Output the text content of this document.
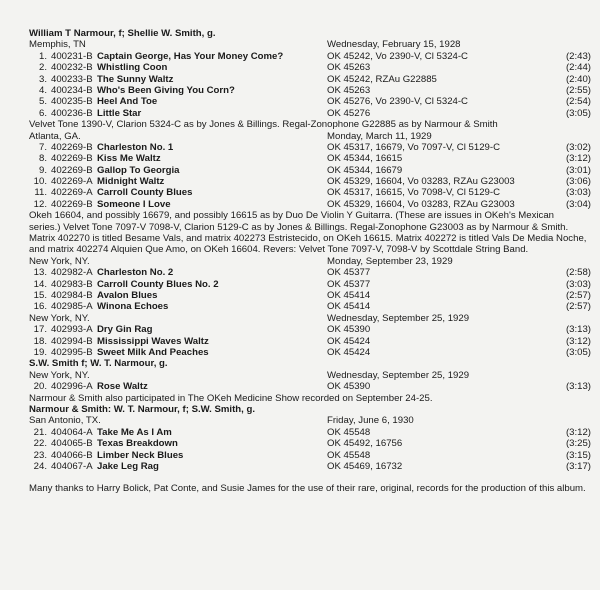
William T Narmour, f; Shellie W. Smith, g.
Memphis, TN	Wednesday, February 15, 1928
1. 400231-B Captain George, Has Your Money Come?	OK 45242, Vo 2390-V, Cl 5324-C	(2:43)
2. 400232-B Whistling Coon	OK 45263	(2:44)
3. 400233-B The Sunny Waltz	OK 45242, RZAu G22885	(2:40)
4. 400234-B Who's Been Giving You Corn?	OK 45263	(2:55)
5. 400235-B Heel And Toe	OK 45276, Vo 2390-V, Cl 5324-C	(2:54)
6. 400236-B Little Star	OK 45276	(3:05)
Velvet Tone 1390-V, Clarion 5324-C as by Jones & Billings. Regal-Zonophone G22885 as by Narmour & Smith
Atlanta, GA.	Monday, March 11, 1929
7. 402269-B Charleston No. 1	OK 45317, 16679, Vo 7097-V, Cl 5129-C	(3:02)
8. 402269-B Kiss Me Waltz	OK 45344, 16615	(3:12)
9. 402269-B Gallop To Georgia	OK 45344, 16679	(3:01)
10. 402269-A Midnight Waltz	OK 45329, 16604, Vo 03283, RZAu G23003	(3:06)
11. 402269-A Carroll County Blues	OK 45317, 16615, Vo 7098-V, Cl 5129-C	(3:03)
12. 402269-B Someone I Love	OK 45329, 16604, Vo 03283, RZAu G23003	(3:04)
Okeh 16604, and possibly 16679, and possibly 16615 as by Duo De Violin Y Guitarra. (These are issues in OKeh's Mexican series.) Velvet Tone 7097-V 7098-V, Clarion 5129-C as by Jones & Billings. Regal-Zonophone G23003 as by Narmour & Smith. Matrix 402270 is titled Besame Vals, and matrix 402273 Estristecido, on OKeh 16615. Matrix 402272 is titled Vals De Media Noche, and matrix 402274 Alquien Que Amo, on OKeh 16604. Revers: Velvet Tone 7097-V, 7098-V by Scottdale String Band.
New York, NY.	Monday, September 23, 1929
13. 402982-A Charleston No. 2	OK 45377	(2:58)
14. 402983-B Carroll County Blues No. 2	OK 45377	(3:03)
15. 402984-B Avalon Blues	OK 45414	(2:57)
16. 402985-A Winona Echoes	OK 45414	(2:57)
New York, NY.	Wednesday, September 25, 1929
17. 402993-A Dry Gin Rag	OK 45390	(3:13)
18. 402994-B Mississippi Waves Waltz	OK 45424	(3:12)
19. 402995-B Sweet Milk And Peaches	OK 45424	(3:05)
S.W. Smith f; W. T. Narmour, g.
New York, NY.	Wednesday, September 25, 1929
20. 402996-A Rose Waltz	OK 45390	(3:13)
Narmour & Smith also participated in The OKeh Medicine Show recorded on September 24-25.
Narmour & Smith: W. T. Narmour, f; S.W. Smith, g.
San Antonio, TX.	Friday, June 6, 1930
21. 404064-A Take Me As I Am	OK 45548	(3:12)
22. 404065-B Texas Breakdown	OK 45492, 16756	(3:25)
23. 404066-B Limber Neck Blues	OK 45548	(3:15)
24. 404067-A Jake Leg Rag	OK 45469, 16732	(3:17)
Many thanks to Harry Bolick, Pat Conte, and Susie James for the use of their rare, original, records for the production of this album.
